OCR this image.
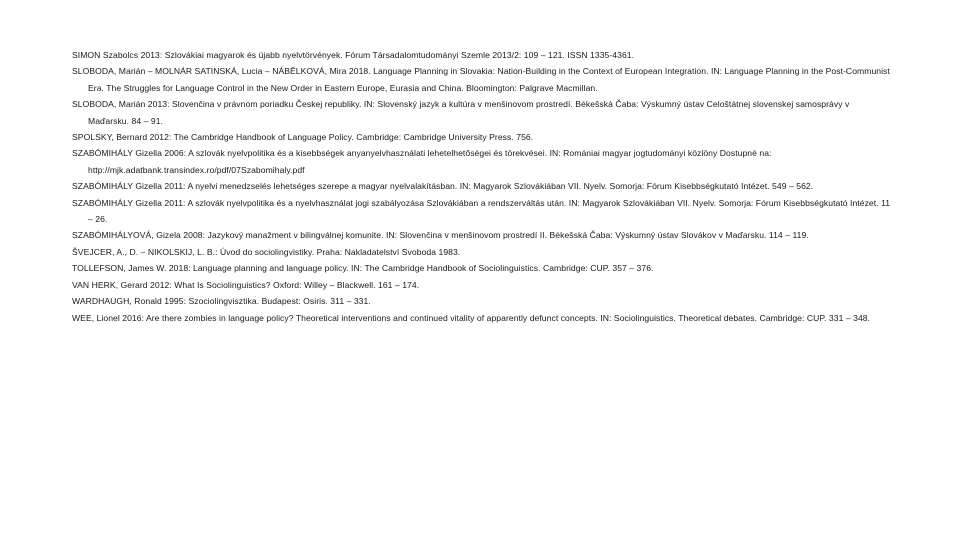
SIMON Szabolcs 2013: Szlovákiai magyarok és újabb nyelvtörvények. Fórum Társadalomtudományi Szemle 2013/2: 109 – 121. ISSN 1335-4361.
SLOBODA, Marián – MOLNÁR SATINSKÁ, Lucia – NÁBĚLKOVÁ, Mira 2018. Language Planning in Slovakia: Nation-Building in the Context of European Integration. IN: Language Planning in the Post-Communist Era. The Struggles for Language Control in the New Order in Eastern Europe, Eurasia and China. Bloomington: Palgrave Macmillan.
SLOBODA, Marián 2013: Slovenčina v právnom poriadku Českej republiky. IN: Slovenský jazyk a kultúra v menšinovom prostredí. Békešská Čaba: Výskumný ústav Celoštátnej slovenskej samosprávy v Maďarsku. 84 – 91.
SPOLSKY, Bernard 2012: The Cambridge Handbook of Language Policy. Cambridge: Cambridge University Press. 756.
SZABÓMIHÁLY Gizella 2006: A szlovák nyelvpolitika és a kisebbségek anyanyelvhasználati lehetelhetőségei és törekvései. IN: Romániai magyar jogtudományi közlöny Dostupné na: http://mjk.adatbank.transindex.ro/pdf/07Szabomihaly.pdf
SZABÓMIHÁLY Gizella 2011: A nyelvi menedzselés lehetséges szerepe a magyar nyelvalakításban. IN: Magyarok Szlovákiában VII. Nyelv. Somorja: Fórum Kisebbségkutató Intézet. 549 – 562.
SZABÓMIHÁLY Gizella 2011: A szlovák nyelvpolitika és a nyelvhasználat jogi szabályozása Szlovákiában a rendszerváltás után. IN: Magyarok Szlovákiában VII. Nyelv. Somorja: Fórum Kisebbségkutató Intézet. 11 – 26.
SZABÓMIHÁLYOVÁ, Gizela 2008: Jazykový manažment v bilingválnej komunite. IN: Slovenčina v menšinovom prostredí II. Békešská Čaba: Výskumný ústav Slovákov v Maďarsku. 114 – 119.
ŠVEJCER, A., D. – NIKOLSKIJ, L. B.: Úvod do sociolingvistiky. Praha: Nakladatelství Svoboda 1983.
TOLLEFSON, James W. 2018: Language planning and language policy. IN: The Cambridge Handbook of Sociolinguistics. Cambridge: CUP. 357 – 376.
VAN HERK, Gerard 2012: What Is Sociolinguistics? Oxford: Willey – Blackwell. 161 – 174.
WARDHAUGH, Ronald 1995: Szociolingvisztika. Budapest: Osiris. 311 – 331.
WEE, Lionel 2016: Are there zombies in language policy? Theoretical interventions and continued vitality of apparently defunct concepts. IN: Sociolinguistics. Theoretical debates. Cambridge: CUP. 331 – 348.
